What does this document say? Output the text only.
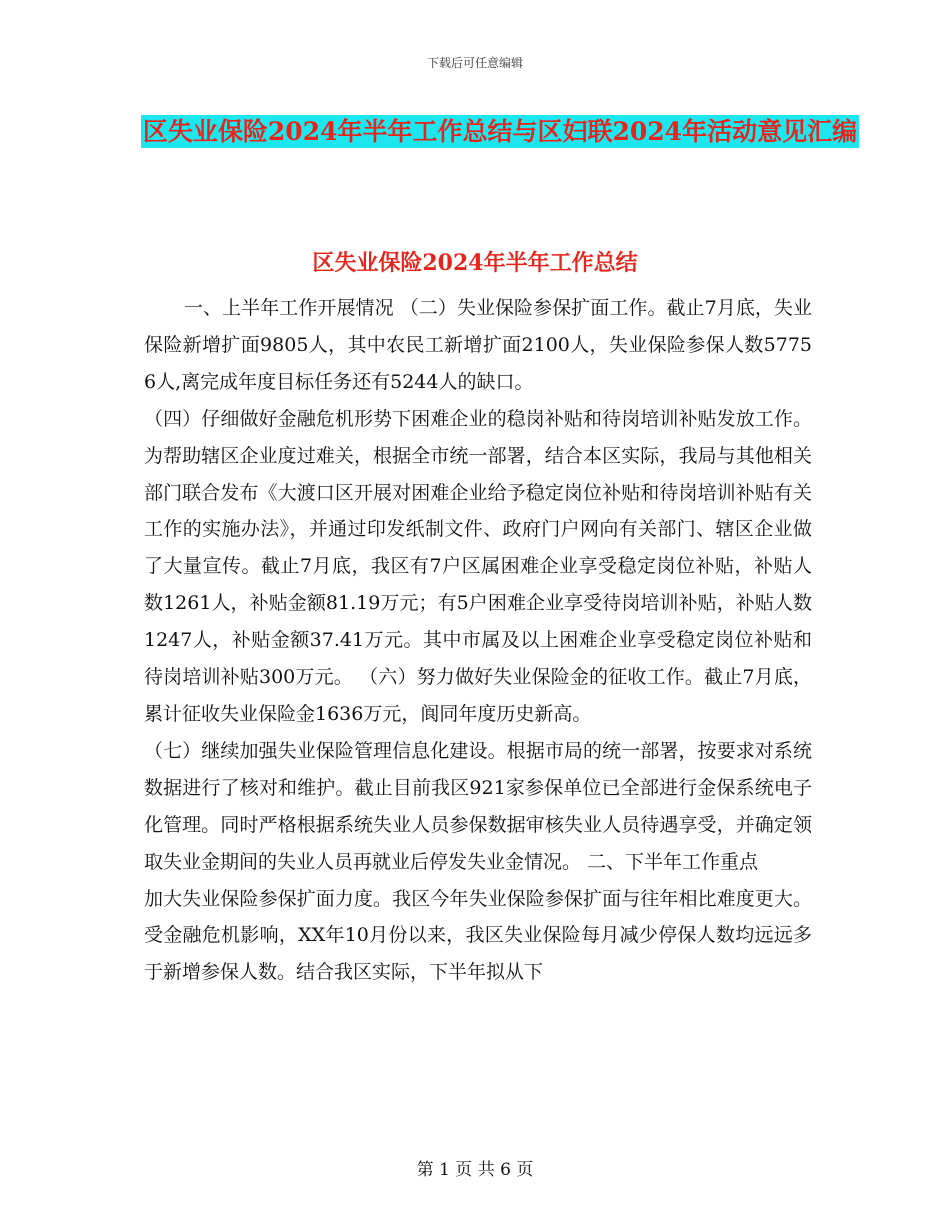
下载后可任意编辑
区失业保险2024年半年工作总结与区妇联2024年活动意见汇编
区失业保险2024年半年工作总结

一、上半年工作开展情况 （二）失业保险参保扩面工作。截止7月底，失业保险新增扩面9805人，其中农民工新增扩面2100人，失业保险参保人数57756人,离完成年度目标任务还有5244人的缺口。

（四）仔细做好金融危机形势下困难企业的稳岗补贴和待岗培训补贴发放工作。为帮助辖区企业度过难关，根据全市统一部署，结合本区实际，我局与其他相关部门联合发布《大渡口区开展对困难企业给予稳定岗位补贴和待岗培训补贴有关工作的实施办法》，并通过印发纸制文件、政府门户网向有关部门、辖区企业做了大量宣传。截止7月底，我区有7户区属困难企业享受稳定岗位补贴，补贴人数1261人，补贴金额81.19万元；有5户困难企业享受待岗培训补贴，补贴人数1247人，补贴金额37.41万元。其中市属及以上困难企业享受稳定岗位补贴和待岗培训补贴300万元。 （六）努力做好失业保险金的征收工作。截止7月底，累计征收失业保险金1636万元，阆同年度历史新高。

（七）继续加强失业保险管理信息化建设。根据市局的统一部署，按要求对系统数据进行了核对和维护。截止目前我区921家参保单位已全部进行金保系统电子化管理。同时严格根据系统失业人员参保数据审核失业人员待遇享受，并确定领取失业金期间的失业人员再就业后停发失业金情况。 二、下半年工作重点

加大失业保险参保扩面力度。我区今年失业保险参保扩面与往年相比难度更大。受金融危机影响，XX年10月份以来，我区失业保险每月减少停保人数均远远多于新增参保人数。结合我区实际，下半年拟从下

第 1 页 共 6 页
